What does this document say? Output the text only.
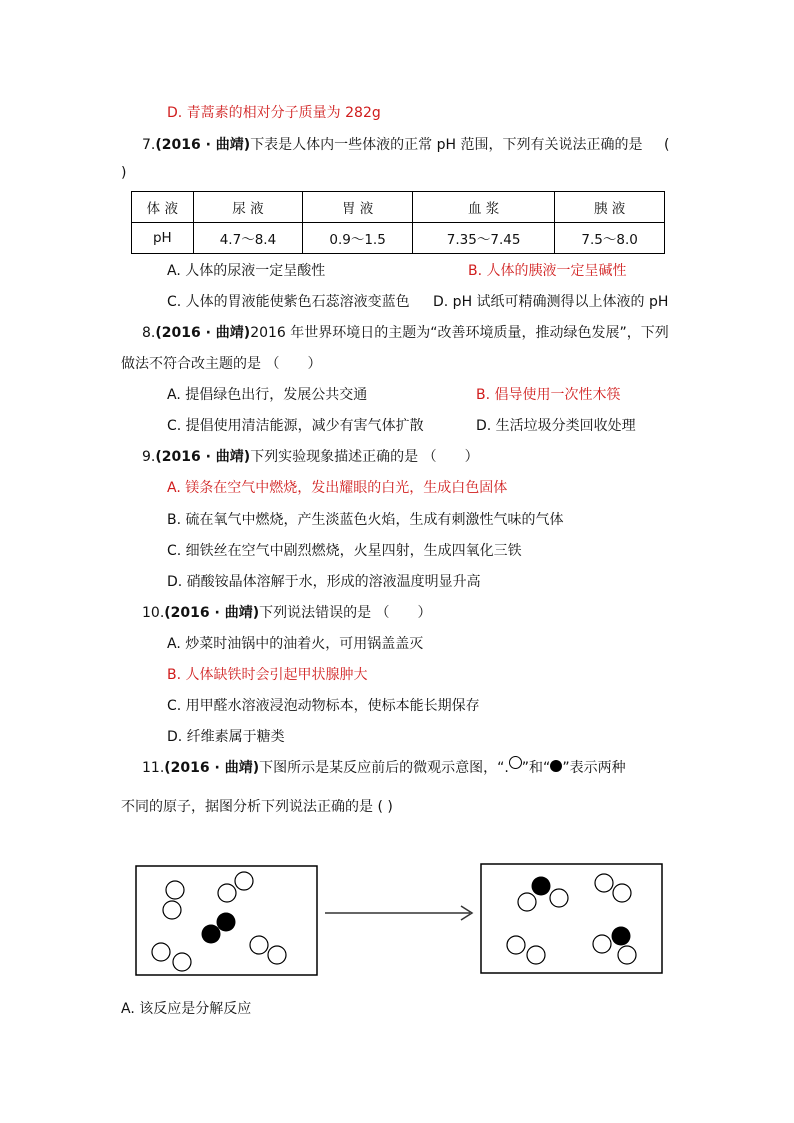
D. 青蒿素的相对分子质量为 282g
7.(2016 · 曲靖)下表是人体内一些体液的正常 pH 范围，下列有关说法正确的是 (
)
体 液	尿 液	胃 液	血 浆	胰 液
pH	4.7～8.4	0.9～1.5	7.35～7.45	7.5～8.0
A. 人体的尿液一定呈酸性	B. 人体的胰液一定呈碱性
C. 人体的胃液能使紫色石蕊溶液变蓝色 D. pH 试纸可精确测得以上体液的 pH
8.(2016 · 曲靖)2016 年世界环境日的主题为“改善环境质量，推动绿色发展”，下列
做法不符合改主题的是 （　　）
A. 提倡绿色出行，发展公共交通	B. 倡导使用一次性木筷
C. 提倡使用清洁能源，减少有害气体扩散	D. 生活垃圾分类回收处理
9.(2016 · 曲靖)下列实验现象描述正确的是 （　　）
A. 镁条在空气中燃烧，发出耀眼的白光，生成白色固体
B. 硫在氧气中燃烧，产生淡蓝色火焰，生成有刺激性气味的气体
C. 细铁丝在空气中剧烈燃烧，火星四射，生成四氧化三铁
D. 硝酸铵晶体溶解于水，形成的溶液温度明显升高
10.(2016 · 曲靖)下列说法错误的是 （　　）
A. 炒菜时油锅中的油着火，可用锅盖盖灭
B. 人体缺铁时会引起甲状腺肿大
C. 用甲醛水溶液浸泡动物标本，使标本能长期保存
D. 纤维素属于糖类
11.(2016 · 曲靖)下图所示是某反应前后的微观示意图，“. ”和“ ”表示两种
不同的原子，据图分析下列说法正确的是 ( )
A. 该反应是分解反应
